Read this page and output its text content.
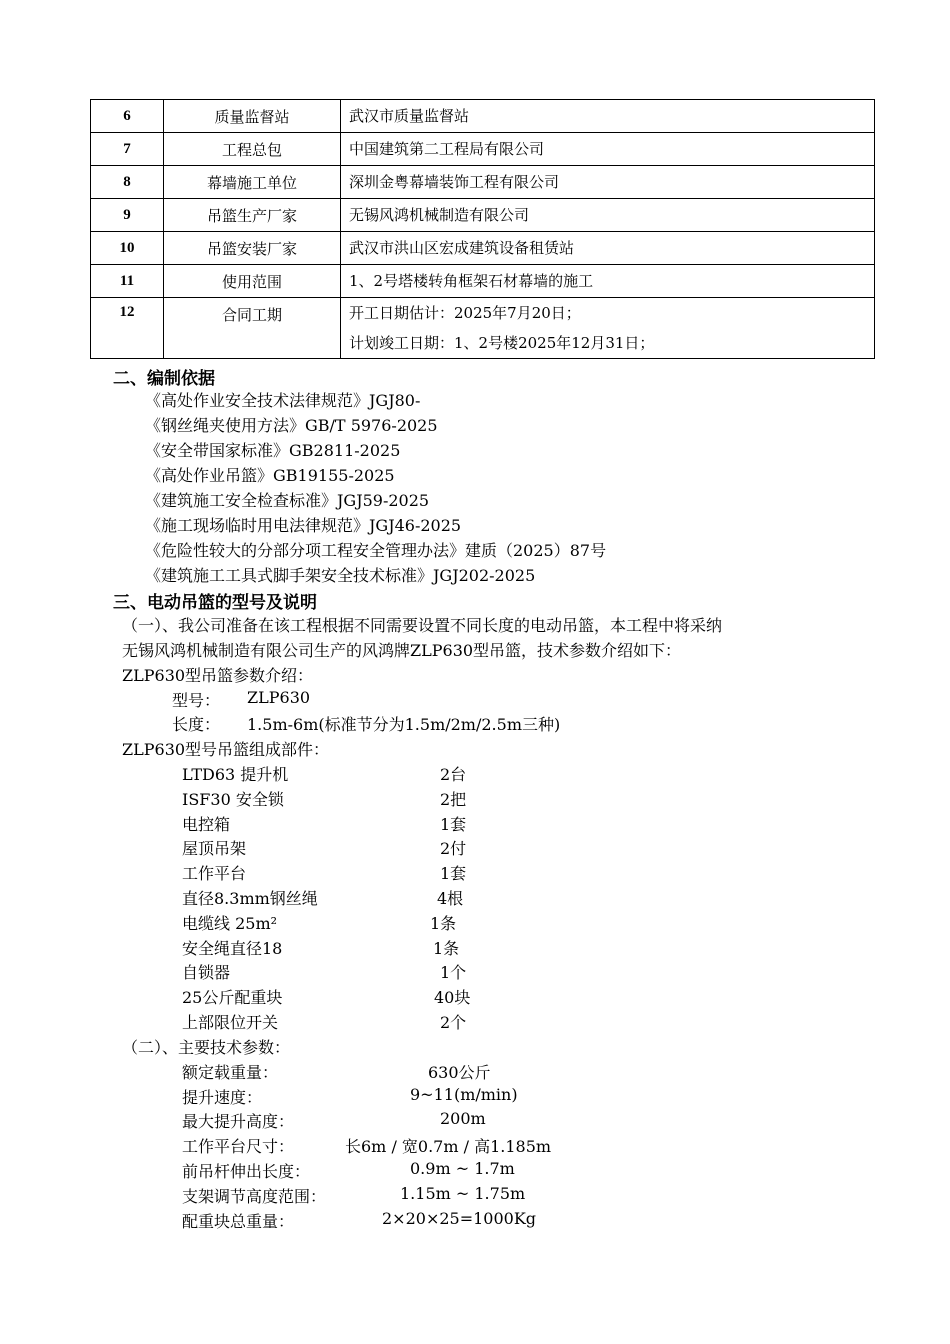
6	质量监督站	武汉市质量监督站

7	工程总包	中国建筑第二工程局有限公司

8	幕墙施工单位	深圳金粤幕墙装饰工程有限公司

9	吊篮生产厂家	无锡风鸿机械制造有限公司

10	吊篮安装厂家	武汉市洪山区宏成建筑设备租赁站

11	使用范围	1、2号塔楼转角框架石材幕墙的施工

12	合同工期	开工日期估计：2025年7月20日；
计划竣工日期：1、2号楼2025年12月31日；
二、编制依据
《高处作业安全技术法律规范》JGJ80-
《钢丝绳夹使用方法》GB/T 5976-2025
《安全带国家标准》GB2811-2025
《高处作业吊篮》GB19155-2025
《建筑施工安全检查标准》JGJ59-2025
《施工现场临时用电法律规范》JGJ46-2025
《危险性较大的分部分项工程安全管理办法》建质（2025）87号
《建筑施工工具式脚手架安全技术标准》JGJ202-2025
三、电动吊篮的型号及说明
（一）、我公司准备在该工程根据不同需要设置不同长度的电动吊篮，本工程中将采纳
无锡风鸿机械制造有限公司生产的风鸿牌ZLP630型吊篮，技术参数介绍如下：
ZLP630型吊篮参数介绍：
型号： ZLP630
长度： 1.5m-6m(标准节分为1.5m/2m/2.5m三种)
ZLP630型号吊篮组成部件：
LTD63 提升机	2台
ISF30 安全锁	2把
电控箱	1套
屋顶吊架	2付
工作平台	1套
直径8.3mm钢丝绳	4根
电缆线 25m²	1条
安全绳直径18	1条
自锁器	1个
25公斤配重块	40块
上部限位开关	2个
（二）、主要技术参数：
额定载重量：	630公斤
提升速度：	9~11(m/min)
最大提升高度：	200m
工作平台尺寸：	长6m / 宽0.7m / 高1.185m
前吊杆伸出长度：	0.9m ~ 1.7m
支架调节高度范围：	1.15m ~ 1.75m
配重块总重量：	2×20×25=1000Kg
